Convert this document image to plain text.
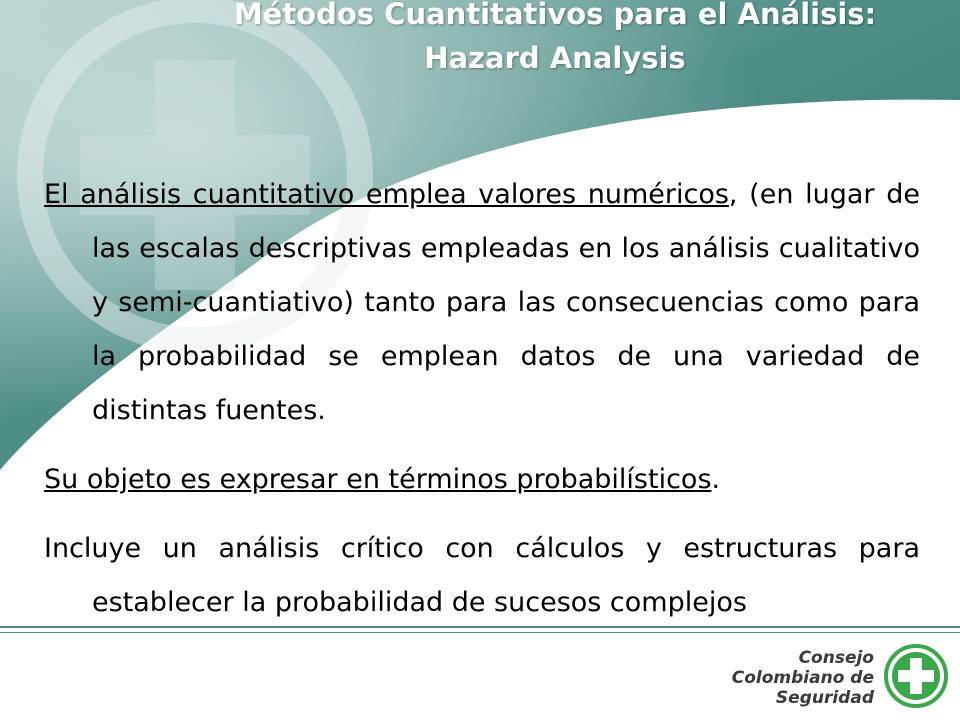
Métodos Cuantitativos para el Análisis:
Hazard Analysis

El análisis cuantitativo emplea valores numéricos, (en lugar de las escalas descriptivas empleadas en los análisis cualitativo y semi-cuantiativo) tanto para las consecuencias como para la probabilidad se emplean datos de una variedad de distintas fuentes.

Su objeto es expresar en términos probabilísticos.

Incluye un análisis crítico con cálculos y estructuras para establecer la probabilidad de sucesos complejos

Consejo
Colombiano de
Seguridad
